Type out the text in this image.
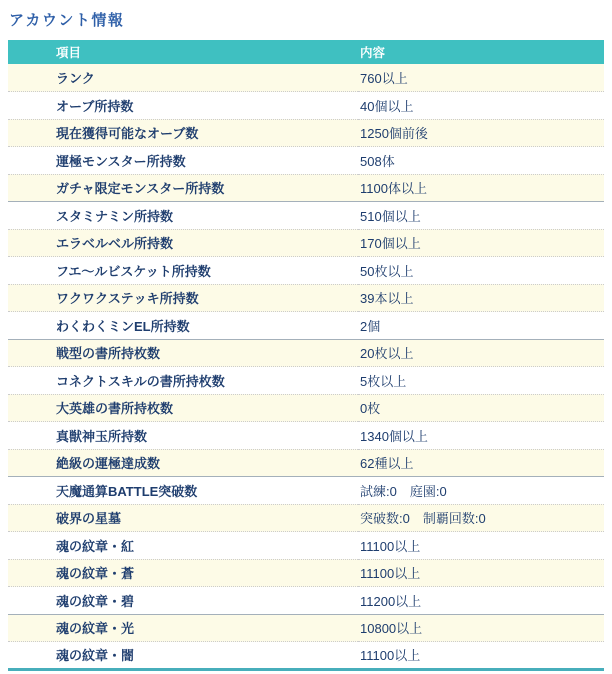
アカウント情報
項目	内容
ランク	760以上
オーブ所持数	40個以上
現在獲得可能なオーブ数	1250個前後
運極モンスター所持数	508体
ガチャ限定モンスター所持数	1100体以上
スタミナミン所持数	510個以上
エラベルベル所持数	170個以上
フエ〜ルビスケット所持数	50枚以上
ワクワクステッキ所持数	39本以上
わくわくミンEL所持数	2個
戦型の書所持枚数	20枚以上
コネクトスキルの書所持枚数	5枚以上
大英雄の書所持枚数	0枚
真獣神玉所持数	1340個以上
絶級の運極達成数	62種以上
天魔通算BATTLE突破数	試練:0　庭園:0
破界の星墓	突破数:0　制覇回数:0
魂の紋章・紅	11100以上
魂の紋章・蒼	11100以上
魂の紋章・碧	11200以上
魂の紋章・光	10800以上
魂の紋章・闇	11100以上
